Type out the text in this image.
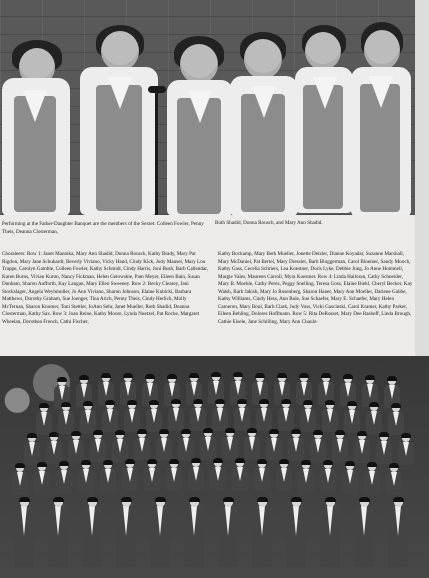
Performing at the Father-Daughter Banquet are the members of the Sextet: Colleen Fowler, Penny Theis, Deanna Closterman,
Ruth Shadid, Donna Rousch, and Mary Ann Shadid.
Choraleers: Row 1: Janet Mannika, Mary Ann Shadid, Donna Rousch, Kathy Brady, Mary Pat Rigdon, Mary Jane Schuhardt, Beverly Viviano, Vicky Hand, Cindy Kick, Judy Mauser, Mary Lou Trappe, Carolyn Gamble, Colleen Fowler, Kathy Schmidt, Cindy Harris, Joni Bush, Barb Callendar, Karen Burns, Vivian Kuron, Nancy Fickman, Helen Getowskie, Pam Meyer, Eileen Bain, Susan Dunham, Sharon Aufforth, Kay Langan, Mary Ellen Sweeney. Row 2: Becky Clearey, Jani Stockslager, Angela Weyhmuller, Jo Ann Viviano, Sharon Johnson, Elaine Kubicki, Barbara Matthews, Dorothy Graham, Sue Joenger, Tina Arich, Penny Theis, Cindy Herlich, Molly McTernan, Sharon Knotner, Toni Stettler, JoAnn Sehr, Janet Mueller, Ruth Shadid, Deanna Closterman, Kathy Sax. Row 3: Joan Reine, Kathy Moore, Lynda Nuetzel, Pat Roche, Margaret Wheelan, Dorothea French, Cathi Fischer,
Kathy Bockamp, Mary Beth Mueller, Jonette Detzler, Dianne Koyadar, Suzanne Marshall, Mary McDaniel, Pat Bertel, Mary Dressler, Barb Bloggerman, Carol Bloemer, Sandy Mooch, Kathy Gass, Cecelia Schriers, Lea Koestner, Doris Lyke, Debbie Jung, Jo Anne Hommell, Margie Vales, Maureen Carroll, Myra Koestner. Row 4: Linda Halloran, Cathy Schneider, Mary B. Moehle, Cathy Perez, Peggy Snelling, Teresa Goss, Elaine Biehl, Cheryl Becker, Kay Walsh, Barb Jakish, Mary Jo Rosenberg, Sharon Haner, Mary Ann Moeller, Darlene Gabbe, Kathy Williams, Cindy Hess, Ann Rule, Sue Schaefer, Mary E. Schaefer, Mary Helen Cameron, Mary Boul, Barb Clark, Judy Voss, Vicki Gascinski, Carol Kramer, Kathy Parker, Eileen Behling, Dolores Hoffmann. Row 5: Rita DeRosset, Mary Dee Rasheff, Linda Brough, Cathie Eisele, Jane Schilling, Mary Ann Chaulz-
